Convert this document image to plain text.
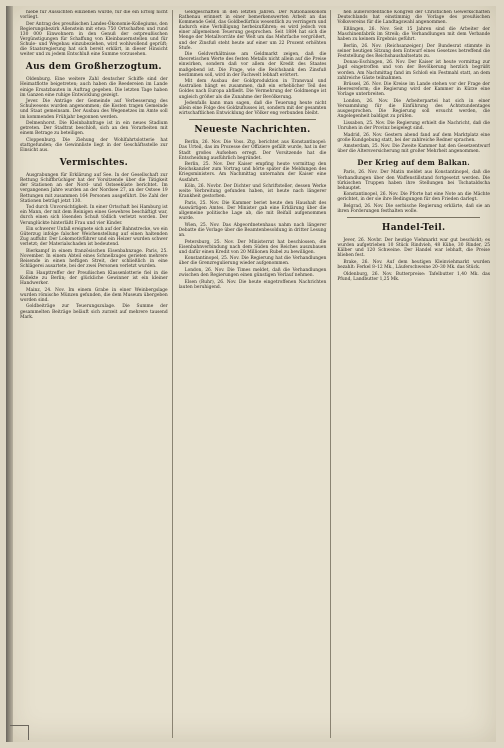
hiebe für Aussichten einziehen würde, für die ein Erfolg nicht vorliegt.

Der Antrag des preußischen Landes-Ökonomie-Kollegiums, den Regierungsbezirk Allenstein mit etwa 750 Ortschaften und rund 130 000 Einwohnern in den Genuß der ostpreußischen Vergünstigungen für Schaffung von Kleinbauernstellen und für Schule- und Wegebau einzubeziehen, wird wohlwollend geprüft; die Staatsregierung hat sich bereit erklärt, in dieser Hinsicht weiter und zu jedem Entschluß eine Summe vorzusehen.

Aus dem Großherzogtum.

Oldenburg. Eine weitere Zahl deutscher Schiffe sind der Heimatflotte beigetreten; auch haben die Reedereien im Lande einige Ersatzbauten in Auftrag gegeben. Die letzten Tage haben im Ganzen eine ruhige Entwicklung gezeigt.

Jever. Die Anträge der Gemeinde auf Verbesserung des Schulwesens wurden angenommen; die Kosten tragen Gemeinde und Staat gemeinsam. Der Ausbau des Wegenetzes im Amte soll im kommenden Frühjahr begonnen werden.

Delmenhorst. Die Kleinbahnfrage ist in ein neues Stadium getreten. Der Stadtrat beschloß, sich an den Vorarbeiten mit einem Betrage zu beteiligen.

Cloppenburg. Die Ziehung der Wohlfahrtslotterie hat stattgefunden; die Gewinnliste liegt in der Geschäftsstelle zur Einsicht aus.

Vermischtes.

Ausgrabungen für Erklärung auf See. In der Gesellschaft zur Rettung Schiffbrüchiger hat der Vorsitzende über die Tätigkeit der Stationen an der Nord- und Ostseeküste berichtet. Im vergangenen Jahre wurden an der Nordsee 27, an der Ostsee 19 Rettungen mit zusammen 164 Personen ausgeführt. Die Zahl der Stationen beträgt jetzt 130.

Tod durch Unvorsichtigkeit. In einer Ortschaft bei Hamburg ist ein Mann, der mit dem Reinigen eines Gewehres beschäftigt war, durch einen sich lösenden Schuß tödlich verletzt worden. Der Verunglückte hinterläßt Frau und vier Kinder.

Ein schwerer Unfall ereignete sich auf der Bahnstrecke, wo ein Güterzug infolge falscher Weichenstellung auf einen haltenden Zug auffuhr. Der Lokomotivführer und ein Heizer wurden schwer verletzt; der Materialschaden ist bedeutend.

Bierkampf in einem französischen Eisenbahnzuge. Paris, 25. November. In einem Abteil eines Schnellzuges gerieten mehrere Reisende in einen heftigen Streit, der schließlich in eine Schlägerei ausartete, bei der zwei Personen verletzt wurden.

Ein Haupttreffer der Preußischen Klassenlotterie fiel in die Kollekte zu Berlin; der glückliche Gewinner ist ein kleiner Handwerker.

Mainz, 24. Nov. Im einem Grabe in einer Weinbergslage wurden römische Münzen gefunden, die dem Museum übergeben worden sind.

Goldbeiträge zur Teuerungszulage. Die Summe der gesammelten Beiträge beläuft sich zurzeit auf mehrere tausend Mark.

Geldgeschäften in den letzten Jahren. Der Nationalökonom Rathenau erinnert in einer bemerkenswerten Arbeit an das Kommende Geld, das Goldbedürfnis wesentlich zu verringern und dadurch eine Verbilligung herbeizuführen; es wird jedoch von einer allgemeinen Teuerung gesprochen. Seit 1884 hat sich die Menge der Metallvorräte der Welt um das Mehrfache vergrößert, und der Zinsfuß steht heute auf einer um 22 Prozent erhöhten Stufe.

Die Geldverhältnisse am Geldmarkt zeigen, daß die theoretischen Werte des festen Metalls nicht allein auf die Preise einwirken, sondern daß vor allem der Kredit des Staates maßgebend ist. Die Frage, wie die Reichsbank den Zinsfuß bestimmen soll, wird in der Fachwelt lebhaft erörtert.

Mit dem Ausbau der Goldproduktion in Transvaal und Australien hängt es zusammen, daß ein erheblicher Teil des Goldes nach Europa abfließt. Die Vermehrung der Goldmenge ist ungleich größer als die Zunahme der Bevölkerung.

Jedenfalls kann man sagen, daß die Teuerung heute nicht allein eine Folge des Goldzuflusses ist, sondern mit der gesamten wirtschaftlichen Entwicklung der Völker eng verbunden bleibt.

Neueste Nachrichten.

Berlin, 26. Nov. Die Voss. Ztg. berichtet aus Konstantinopel: Das Urteil, das im Prozesse der Offiziere gefällt wurde, hat in der Stadt großes Aufsehen erregt. Der Vorsitzende hat die Entscheidung ausführlich begründet.

Berlin, 25. Nov. Der Kaiser empfing heute vormittag den Reichskanzler zum Vortrag und hörte später die Meldungen des Kriegsministers. Am Nachmittag unternahm der Kaiser eine Ausfahrt.

Köln, 26. Novbr. Der Dichter und Schriftsteller, dessen Werke weite Verbreitung gefunden haben, ist heute nach längerer Krankheit gestorben.

Paris, 25. Nov. Die Kammer beriet heute den Haushalt des Auswärtigen Amtes. Der Minister gab eine Erklärung über die allgemeine politische Lage ab, die mit Beifall aufgenommen wurde.

Wien, 25. Nov. Das Abgeordnetenhaus nahm nach längerer Debatte die Vorlage über die Beamtenbesoldung in dritter Lesung an.

Petersburg, 25. Nov. Der Ministerrat hat beschlossen, die Eisenbahnverbindung nach dem Süden des Reiches auszubauen und dafür einen Kredit von 20 Millionen Rubel zu bewilligen.

Konstantinopel, 25. Nov. Die Regierung hat die Verhandlungen über die Grenzregulierung wieder aufgenommen.

London, 26. Nov. Die Times meldet, daß die Verhandlungen zwischen den Regierungen einen günstigen Verlauf nehmen.

Elsen (Ruhr), 26. Nov. Die heute eingetroffenen Nachrichten lauten beruhigend.

hen außerordentliche Kongreß der Christlichen Gewerkschaften Deutschlands hat einstimmig die Vorlage des preußischen Volksvereins für die Landtagswahl angenommen.

Eßlingen, 26. Nov. Seit 15 Jahren sind die Arbeiter der Maschinenfabrik im Streik; die Verhandlungen mit dem Verbande haben zu keinem Ergebnis geführt.

Berlin, 26. Nov. (Reichsanzeiger.) Der Bundesrat stimmte in seiner heutigen Sitzung dem Entwurf eines Gesetzes betreffend die Feststellung des Reichshaushaltsetats zu.

Donau-Eschingen, 26. Nov. Der Kaiser ist heute vormittag zur Jagd eingetroffen und von der Bevölkerung herzlich begrüßt worden. Am Nachmittag fand im Schloß ein Festmahl statt, an dem zahlreiche Gäste teilnahmen.

Brüssel, 26. Nov. Die Kreise im Lande stehen vor der Frage der Heeresreform; die Regierung wird der Kammer in Kürze eine Vorlage unterbreiten.

London, 26. Nov. Die Arbeiterpartei hat sich in einer Versammlung für die Einführung des Achtstundentages ausgesprochen. Die Regierung soll ersucht werden, die Angelegenheit baldigst zu prüfen.

Lissabon, 25. Nov. Die Regierung erhielt die Nachricht, daß die Unruhen in der Provinz beigelegt sind.

Madrid, 26. Nov. Gestern abend fand auf dem Marktplatz eine große Kundgebung statt, bei der zahlreiche Redner sprachen.

Amsterdam, 25. Nov. Die Zweite Kammer hat den Gesetzentwurf über die Altersversicherung mit großer Mehrheit angenommen.

Der Krieg auf dem Balkan.

Paris, 26. Nov. Der Matin meldet aus Konstantinopel, daß die Verhandlungen über den Waffenstillstand fortgesetzt werden. Die türkischen Truppen haben ihre Stellungen bei Tschataldscha behauptet.

Konstantinopel, 26. Nov. Die Pforte hat eine Note an die Mächte gerichtet, in der sie ihre Bedingungen für den Frieden darlegt.

Belgrad, 26. Nov. Die serbische Regierung erklärte, daß sie an ihren Forderungen festhalten wolle.

Handel-Teil.

Jever, 26. Novbr. Der heutige Viehmarkt war gut beschickt; es wurden aufgetrieben 10 Stück Rindvieh, 48 Kühe, 30 Rinder, 25 Kälber und 120 Schweine. Der Handel war lebhaft, die Preise blieben fest.

Brake, 26. Nov. Auf dem heutigen Kleinviehmarkt wurden bezahlt: Ferkel 8–12 Mk., Läuferschweine 20–30 Mk. das Stück.

Oldenburg, 26. Nov. Butterpreise: Tafelbutter 1,40 Mk. das Pfund, Landbutter 1,25 Mk.
